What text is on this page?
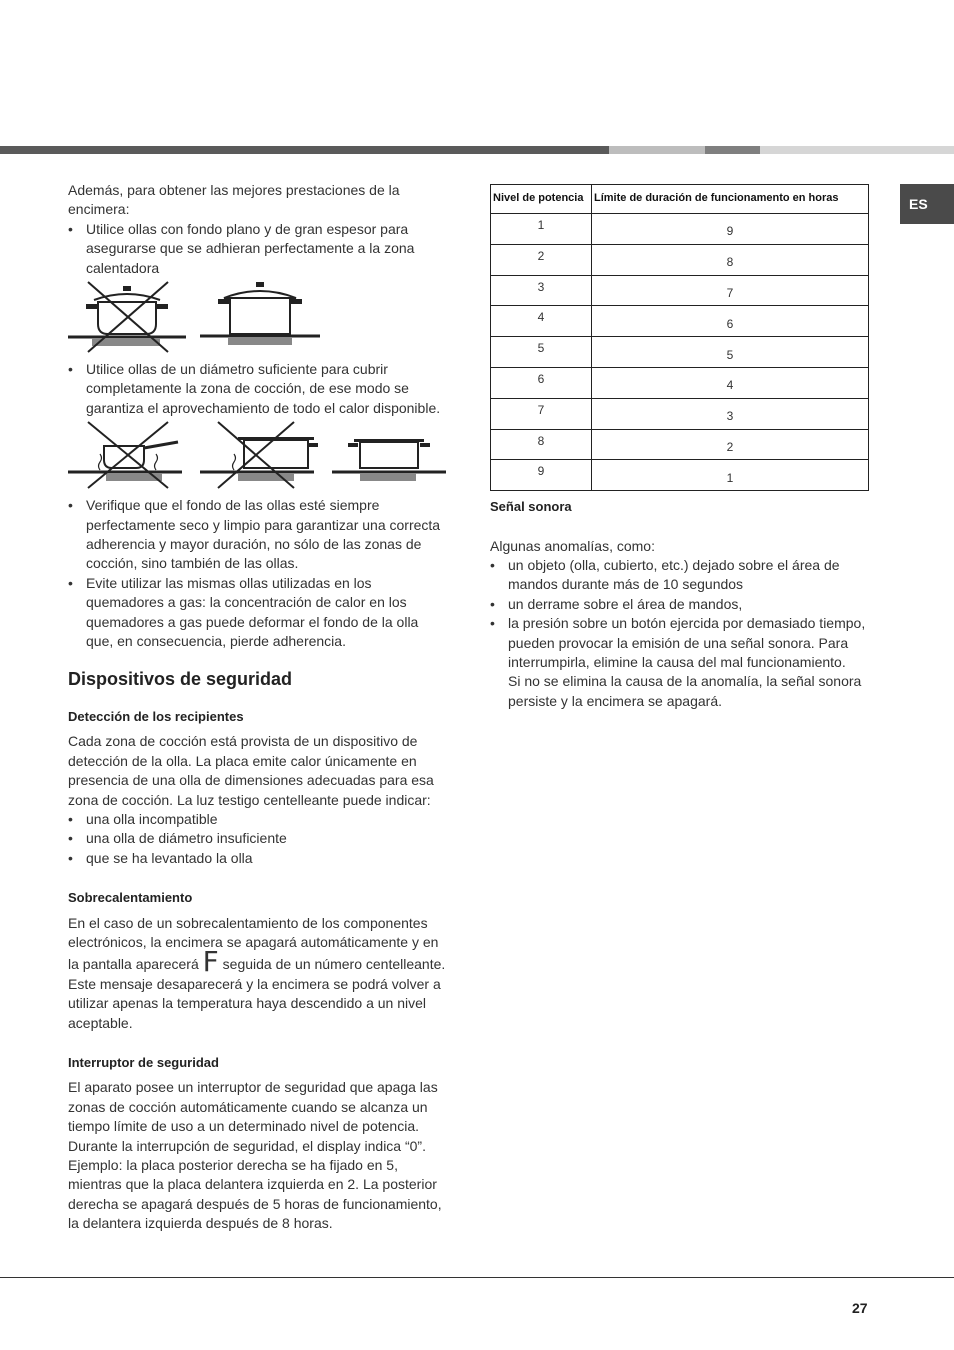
ES

Además, para obtener las mejores prestaciones de la encimera:

• Utilice ollas con fondo plano y de gran espesor para asegurarse que se adhieran perfectamente a la zona calentadora
• Utilice ollas de un diámetro suficiente para cubrir completamente la zona de cocción, de ese modo se garantiza el aprovechamiento de todo el calor disponible.
• Verifique que el fondo de las ollas esté siempre perfectamente seco y limpio para garantizar una correcta adherencia y mayor duración, no sólo de las zonas de cocción, sino también de las ollas.
• Evite utilizar las mismas ollas utilizadas en los quemadores a gas: la concentración de calor en los quemadores a gas puede deformar el fondo de la olla que, en consecuencia, pierde adherencia.
Dispositivos de seguridad
Detección de los recipientes

Cada zona de cocción está provista de un dispositivo de detección de la olla. La placa emite calor únicamente en presencia de una olla de dimensiones adecuadas para esa zona de cocción. La luz testigo centelleante puede indicar:

• una olla incompatible
• una olla de diámetro insuficiente
• que se ha levantado la olla
Sobrecalentamiento

En el caso de un sobrecalentamiento de los componentes electrónicos, la encimera se apagará automáticamente y en la pantalla aparecerá F seguida de un número centelleante. Este mensaje desaparecerá y la encimera se podrá volver a utilizar apenas la temperatura haya descendido a un nivel aceptable.

Interruptor de seguridad

El aparato posee un interruptor de seguridad que apaga las zonas de cocción automáticamente cuando se alcanza un tiempo límite de uso a un determinado nivel de potencia. Durante la interrupción de seguridad, el display indica “0”. Ejemplo: la placa posterior derecha se ha fijado en 5, mientras que la placa delantera izquierda en 2. La posterior derecha se apagará después de 5 horas de funcionamiento, la delantera izquierda después de 8 horas.

Nivel de potencia	Límite de duración de funcionamento en horas
1	9
2	8
3	7
4	6
5	5
6	4
7	3
8	2
9	1
Señal sonora

Algunas anomalías, como:

• un objeto (olla, cubierto, etc.) dejado sobre el área de mandos durante más de 10 segundos
• un derrame sobre el área de mandos,
• la presión sobre un botón ejercida por demasiado tiempo, pueden provocar la emisión de una señal sonora. Para interrumpirla, elimine la causa del mal funcionamiento.
Si no se elimina la causa de la anomalía, la señal sonora persiste y la encimera se apagará.
27
